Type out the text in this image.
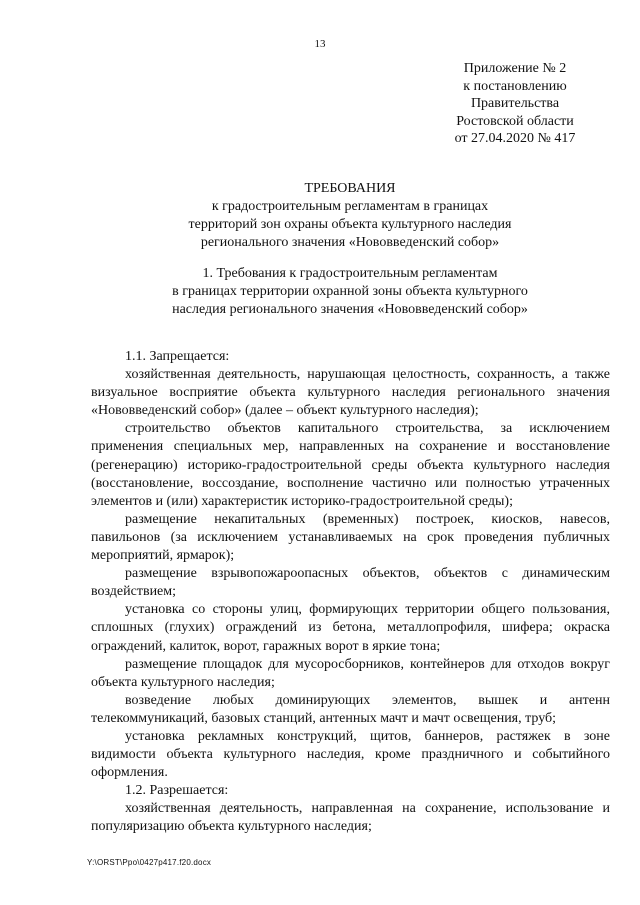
13
Приложение № 2
к постановлению
Правительства
Ростовской области
от 27.04.2020 № 417
ТРЕБОВАНИЯ
к градостроительным регламентам в границах
территорий зон охраны объекта культурного наследия
регионального значения «Нововведенский собор»
1. Требования к градостроительным регламентам
в границах территории охранной зоны объекта культурного
наследия регионального значения «Нововведенский собор»

1.1. Запрещается:

хозяйственная деятельность, нарушающая целостность, сохранность, а также визуальное восприятие объекта культурного наследия регионального значения «Нововведенский собор» (далее – объект культурного наследия);

строительство объектов капитального строительства, за исключением применения специальных мер, направленных на сохранение и восстановление (регенерацию) историко-градостроительной среды объекта культурного наследия (восстановление, воссоздание, восполнение частично или полностью утраченных элементов и (или) характеристик историко-градостроительной среды);

размещение некапитальных (временных) построек, киосков, навесов, павильонов (за исключением устанавливаемых на срок проведения публичных мероприятий, ярмарок);

размещение взрывопожароопасных объектов, объектов с динамическим воздействием;

установка со стороны улиц, формирующих территории общего пользования, сплошных (глухих) ограждений из бетона, металлопрофиля, шифера; окраска ограждений, калиток, ворот, гаражных ворот в яркие тона;

размещение площадок для мусоросборников, контейнеров для отходов вокруг объекта культурного наследия;

возведение любых доминирующих элементов, вышек и антенн телекоммуникаций, базовых станций, антенных мачт и мачт освещения, труб;

установка рекламных конструкций, щитов, баннеров, растяжек в зоне видимости объекта культурного наследия, кроме праздничного и событийного оформления.

1.2. Разрешается:

хозяйственная деятельность, направленная на сохранение, использование и популяризацию объекта культурного наследия;

Y:\ORST\Ppo\0427p417.f20.docx
